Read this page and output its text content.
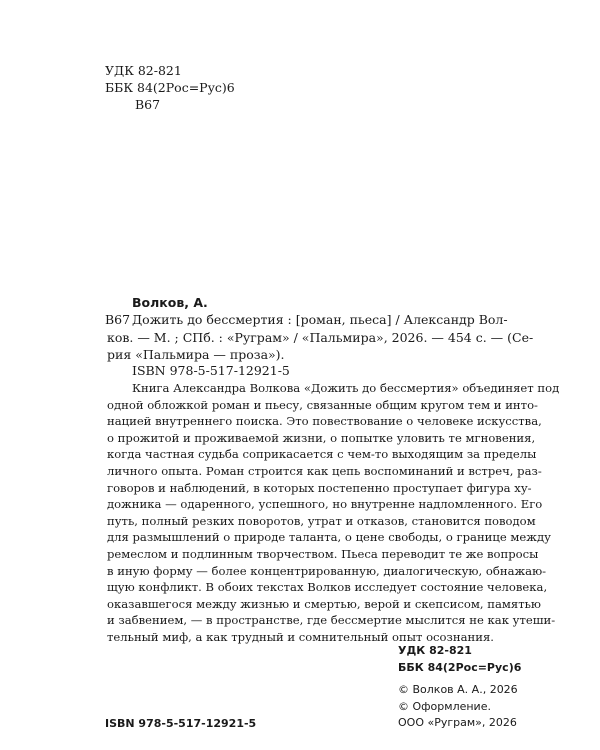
УДК 82-821
ББК 84(2Рос=Рус)6
В67
Волков, А.
В67 Дожить до бессмертия : [роман, пьеса] / Александр Вол-
ков. — М. ; СПб. : «Руграм» / «Пальмира», 2026. — 454 с. — (Се-
рия «Пальмира — проза»).
ISBN 978-5-517-12921-5
Книга Александра Волкова «Дожить до бессмертия» объединяет под
одной обложкой роман и пьесу, связанные общим кругом тем и инто-
нацией внутреннего поиска. Это повествование о человеке искусства,
о прожитой и проживаемой жизни, о попытке уловить те мгновения,
когда частная судьба соприкасается с чем-то выходящим за пределы
личного опыта. Роман строится как цепь воспоминаний и встреч, раз-
говоров и наблюдений, в которых постепенно проступает фигура ху-
дожника — одаренного, успешного, но внутренне надломленного. Его
путь, полный резких поворотов, утрат и отказов, становится поводом
для размышлений о природе таланта, о цене свободы, о границе между
ремеслом и подлинным творчеством. Пьеса переводит те же вопросы
в иную форму — более концентрированную, диалогическую, обнажаю-
щую конфликт. В обоих текстах Волков исследует состояние человека,
оказавшегося между жизнью и смертью, верой и скепсисом, памятью
и забвением, — в пространстве, где бессмертие мыслится не как утеши-
тельный миф, а как трудный и сомнительный опыт осознания.
УДК 82-821
ББК 84(2Рос=Рус)6
ISBN 978-5-517-12921-5
© Волков А. А., 2026
© Оформление.
ООО «Руграм», 2026
